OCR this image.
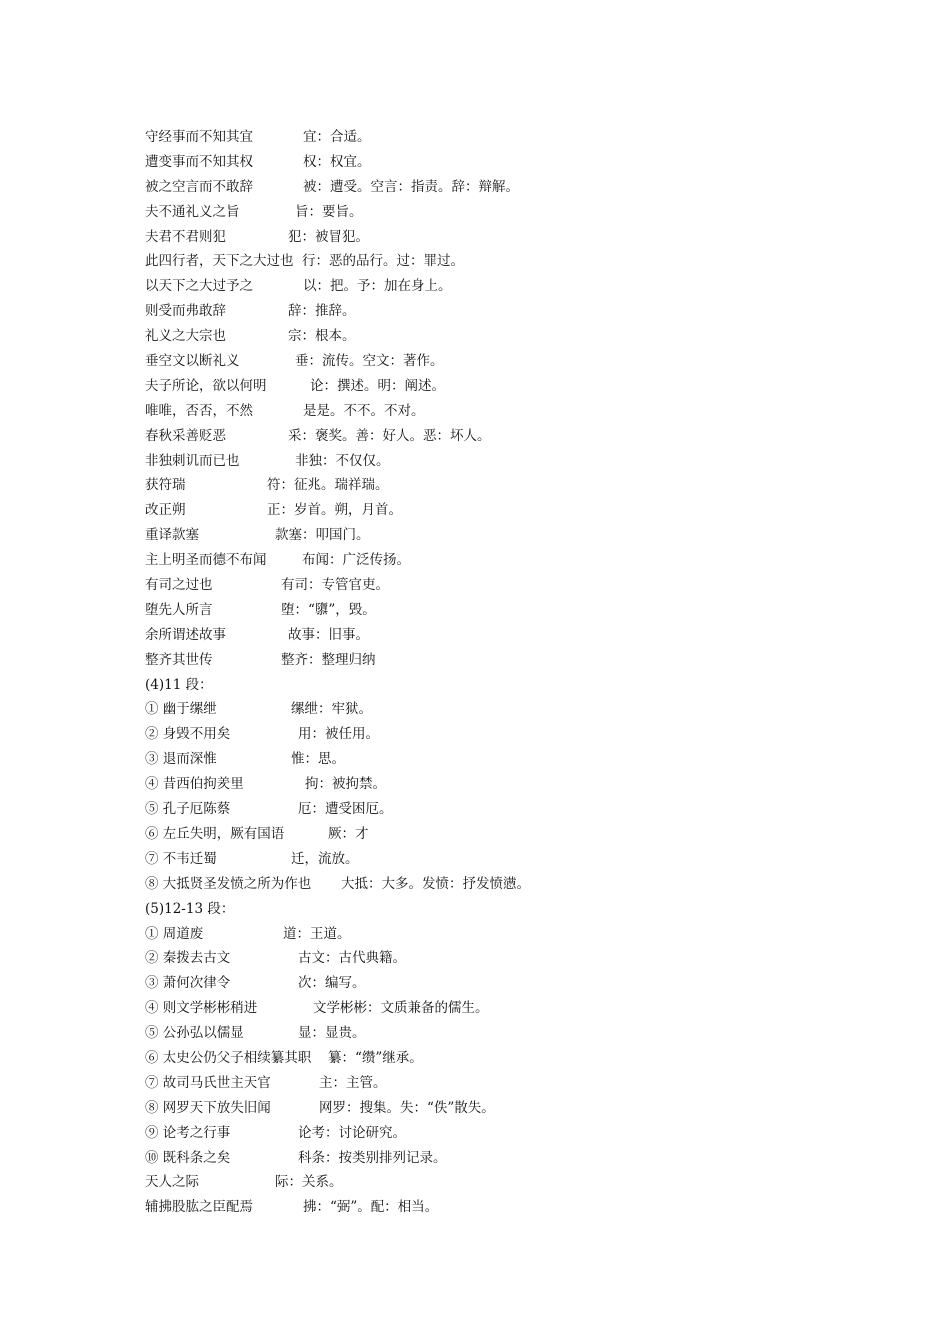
守经事而不知其宜	宜：合适。
遭变事而不知其权	权：权宜。
被之空言而不敢辞	被：遭受。空言：指责。辞：辩解。
夫不通礼义之旨	旨：要旨。
夫君不君则犯	犯：被冒犯。
此四行者，天下之大过也 行：恶的品行。过：罪过。
以天下之大过予之	以：把。予：加在身上。
则受而弗敢辞	辞：推辞。
礼义之大宗也	宗：根本。
垂空文以断礼义	垂：流传。空文：著作。
夫子所论，欲以何明	论：撰述。明：阐述。
唯唯，否否，不然	是是。不不。不对。
春秋采善贬恶	采：褒奖。善：好人。恶：坏人。
非独刺讥而已也	非独：不仅仅。
获符瑞	符：征兆。瑞祥瑞。
改正朔	正：岁首。朔，月首。
重译款塞	款塞：叩国门。
主上明圣而德不布闻	布闻：广泛传扬。
有司之过也	有司：专管官吏。
堕先人所言	堕：“隳”，毁。
余所谓述故事	故事：旧事。
整齐其世传	整齐：整理归纳
(4)11 段：
① 幽于缧绁	缧绁：牢狱。
② 身毁不用矣	用：被任用。
③ 退而深惟	惟：思。
④ 昔西伯拘羑里	拘：被拘禁。
⑤ 孔子厄陈蔡	厄：遭受困厄。
⑥ 左丘失明，厥有国语	厥：才
⑦ 不韦迁蜀	迁，流放。
⑧ 大抵贤圣发愤之所为作也 大抵：大多。发愤：抒发愤懑。
(5)12-13 段：
① 周道废	道：王道。
② 秦拨去古文	古文：古代典籍。
③ 萧何次律令	次：编写。
④ 则文学彬彬稍进	文学彬彬：文质兼备的儒生。
⑤ 公孙弘以儒显	显：显贵。
⑥ 太史公仍父子相续纂其职 纂：“缵”继承。
⑦ 故司马氏世主天官	主：主管。
⑧ 网罗天下放失旧闻	网罗：搜集。失：“佚”散失。
⑨ 论考之行事	论考：讨论研究。
⑩ 既科条之矣	科条：按类别排列记录。
天人之际	际：关系。
辅拂股肱之臣配焉	拂：“弼”。配：相当。
